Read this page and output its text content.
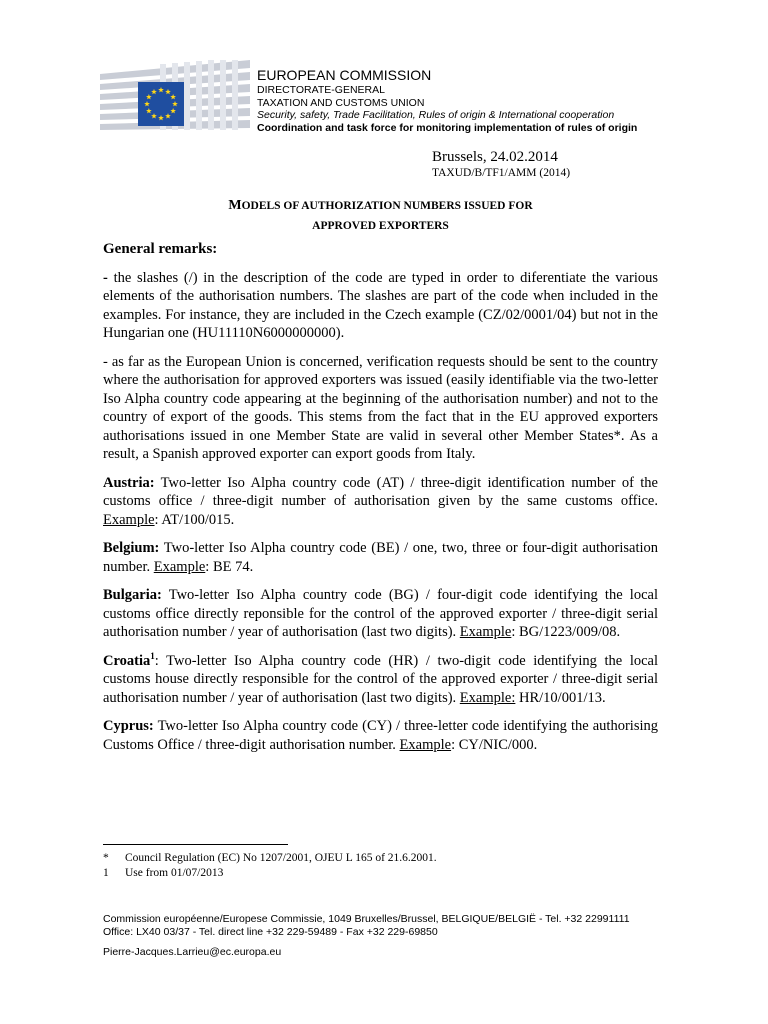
EUROPEAN COMMISSION
DIRECTORATE-GENERAL
TAXATION AND CUSTOMS UNION
Security, safety, Trade Facilitation, Rules of origin & International cooperation
Coordination and task force for monitoring implementation of rules of origin
Brussels, 24.02.2014
TAXUD/B/TF1/AMM (2014)
MODELS OF AUTHORIZATION NUMBERS ISSUED FOR
APPROVED EXPORTERS

General remarks:

- the slashes (/) in the description of the code are typed in order to diferentiate the various elements of the authorisation numbers. The slashes are part of the code when included in the examples. For instance, they are included in the Czech example (CZ/02/0001/04) but not in the Hungarian one (HU11110N6000000000).

- as far as the European Union is concerned, verification requests should be sent to the country where the authorisation for approved exporters was issued (easily identifiable via the two-letter Iso Alpha country code appearing at the beginning of the authorisation number) and not to the country of export of the goods. This stems from the fact that in the EU approved exporters authorisations issued in one Member State are valid in several other Member States*. As a result, a Spanish approved exporter can export goods from Italy.

Austria: Two-letter Iso Alpha country code (AT) / three-digit identification number of the customs office / three-digit number of authorisation given by the same customs office. Example: AT/100/015.

Belgium: Two-letter Iso Alpha country code (BE) / one, two, three or four-digit authorisation number. Example: BE 74.

Bulgaria: Two-letter Iso Alpha country code (BG) / four-digit code identifying the local customs office directly reponsible for the control of the approved exporter / three-digit serial authorisation number / year of authorisation (last two digits). Example: BG/1223/009/08.

Croatia$^1$: Two-letter Iso Alpha country code (HR) / two-digit code identifying the local customs house directly responsible for the control of the approved exporter / three-digit serial authorisation number / year of authorisation (last two digits). Example: HR/10/001/13.

Cyprus: Two-letter Iso Alpha country code (CY) / three-letter code identifying the authorising Customs Office / three-digit authorisation number. Example: CY/NIC/000.

*	Council Regulation (EC) No 1207/2001, OJEU L 165 of 21.6.2001.
1	Use from 01/07/2013
Commission européenne/Europese Commissie, 1049 Bruxelles/Brussel, BELGIQUE/BELGIË - Tel. +32 22991111
Office: LX40 03/37 - Tel. direct line +32 229-59489 - Fax +32 229-69850
Pierre-Jacques.Larrieu@ec.europa.eu
